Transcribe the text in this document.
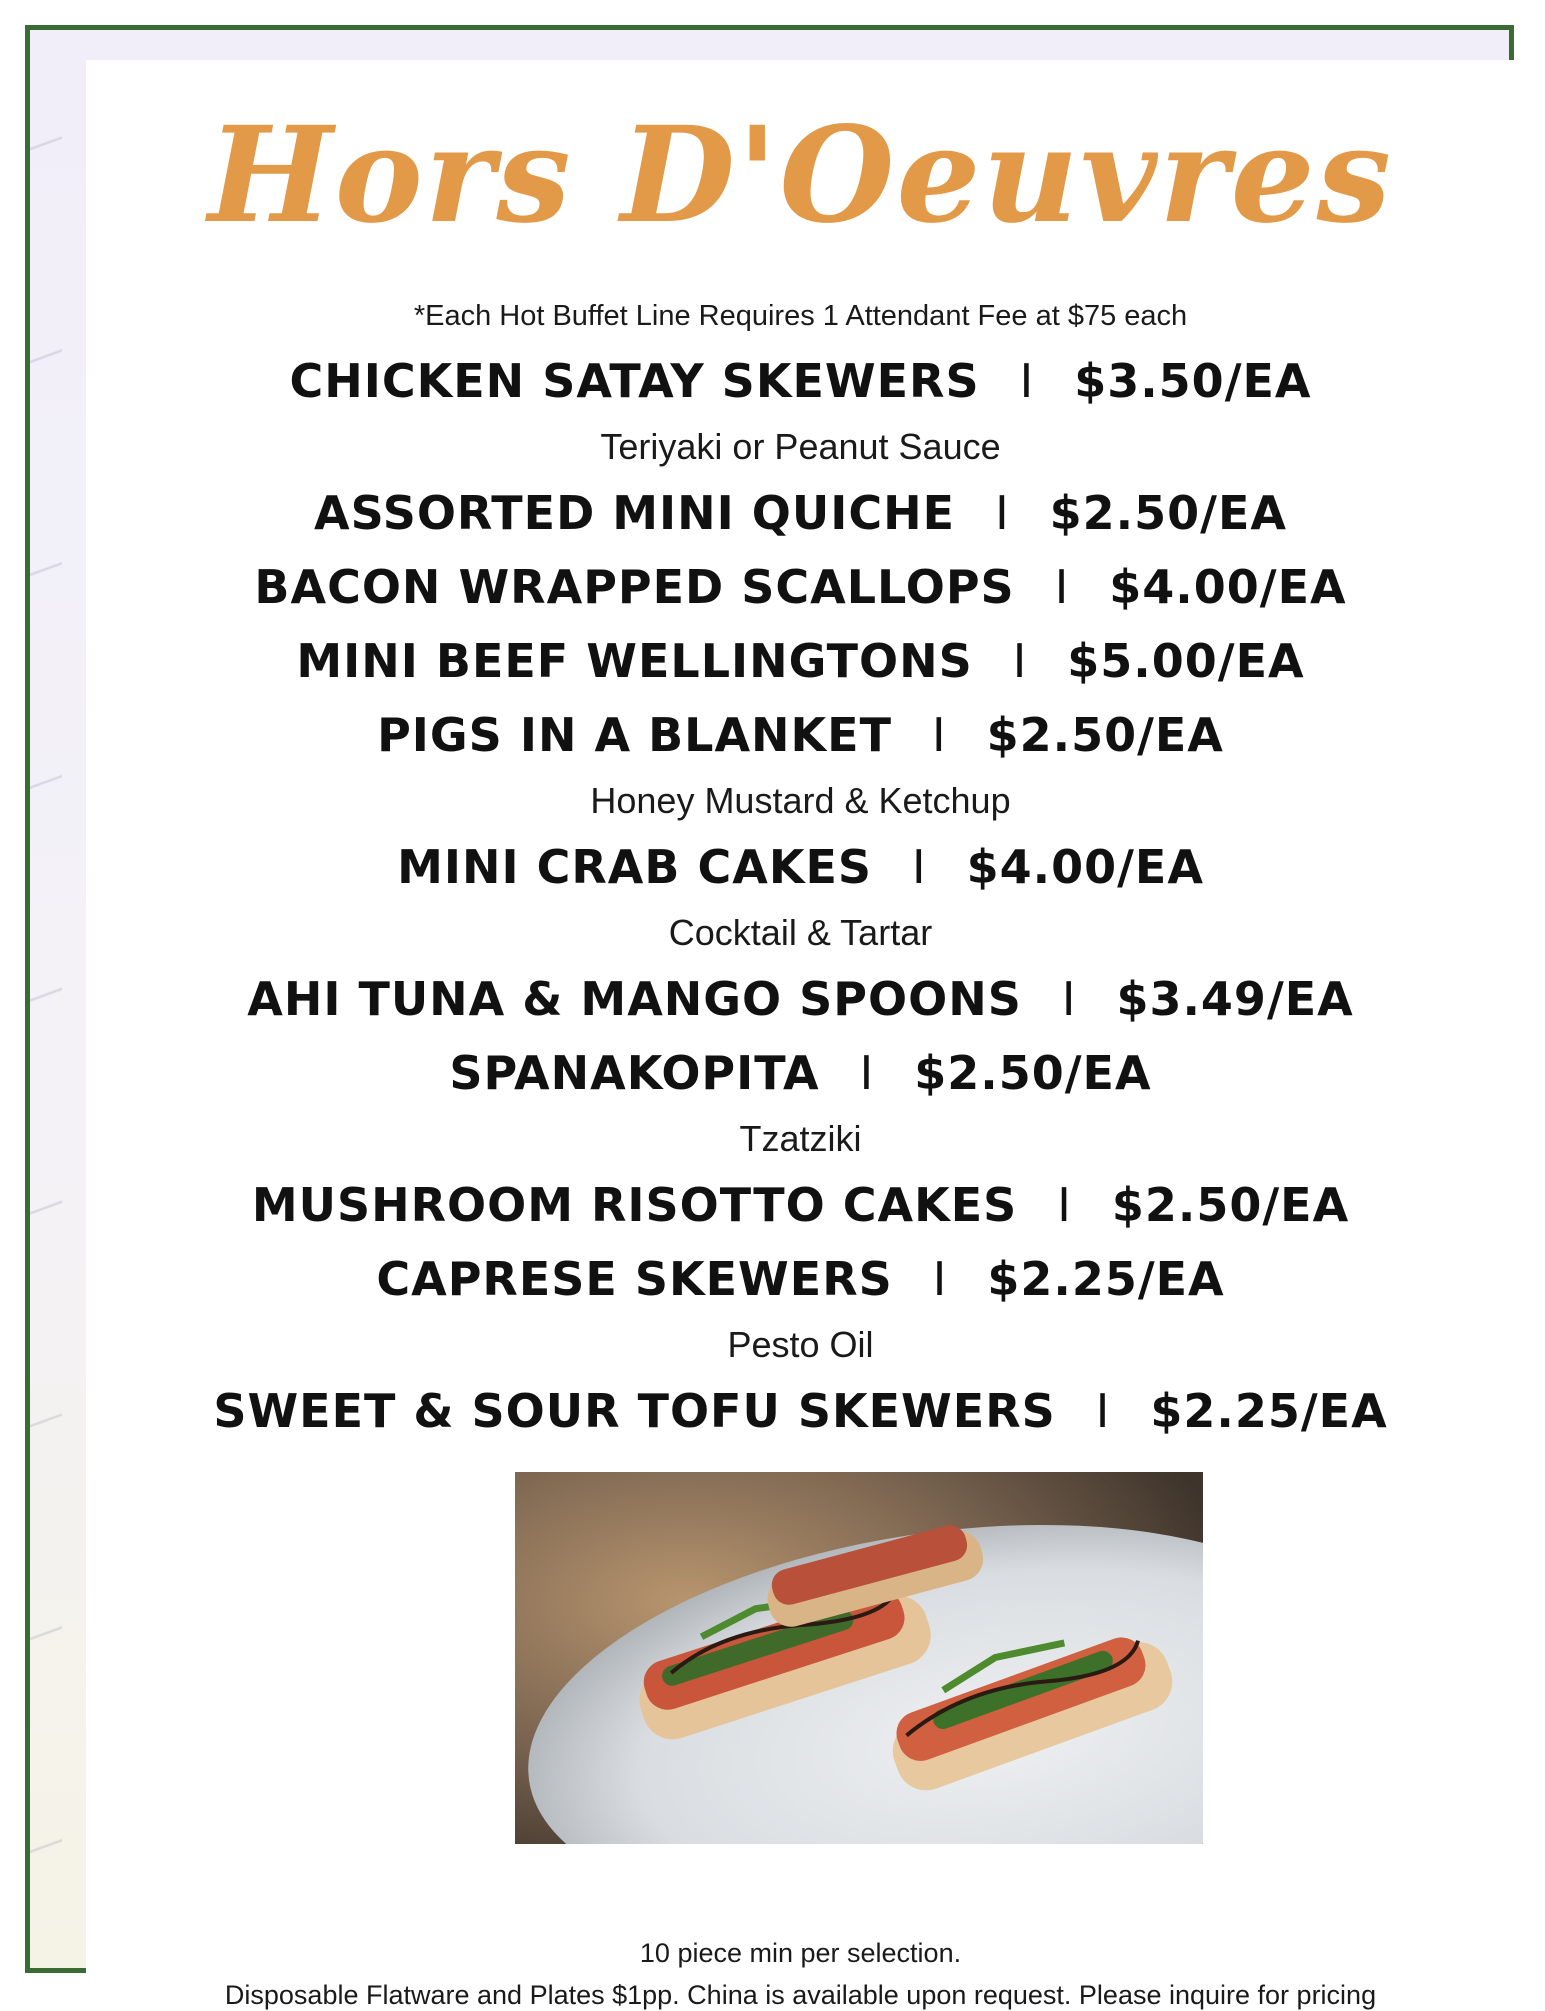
Hors D'Oeuvres
*Each Hot Buffet Line Requires 1 Attendant Fee at $75 each
CHICKEN SATAY SKEWERS I $3.50/EA
Teriyaki or Peanut Sauce
ASSORTED MINI QUICHE I $2.50/EA
BACON WRAPPED SCALLOPS I $4.00/EA
MINI BEEF WELLINGTONS I $5.00/EA
PIGS IN A BLANKET I $2.50/EA
Honey Mustard & Ketchup
MINI CRAB CAKES I $4.00/EA
Cocktail & Tartar
AHI TUNA & MANGO SPOONS I $3.49/EA
SPANAKOPITA I $2.50/EA
Tzatziki
MUSHROOM RISOTTO CAKES I $2.50/EA
CAPRESE SKEWERS I $2.25/EA
Pesto Oil
SWEET & SOUR TOFU SKEWERS I $2.25/EA
10 piece min per selection.
Disposable Flatware and Plates $1pp. China is available upon request. Please inquire for pricing
